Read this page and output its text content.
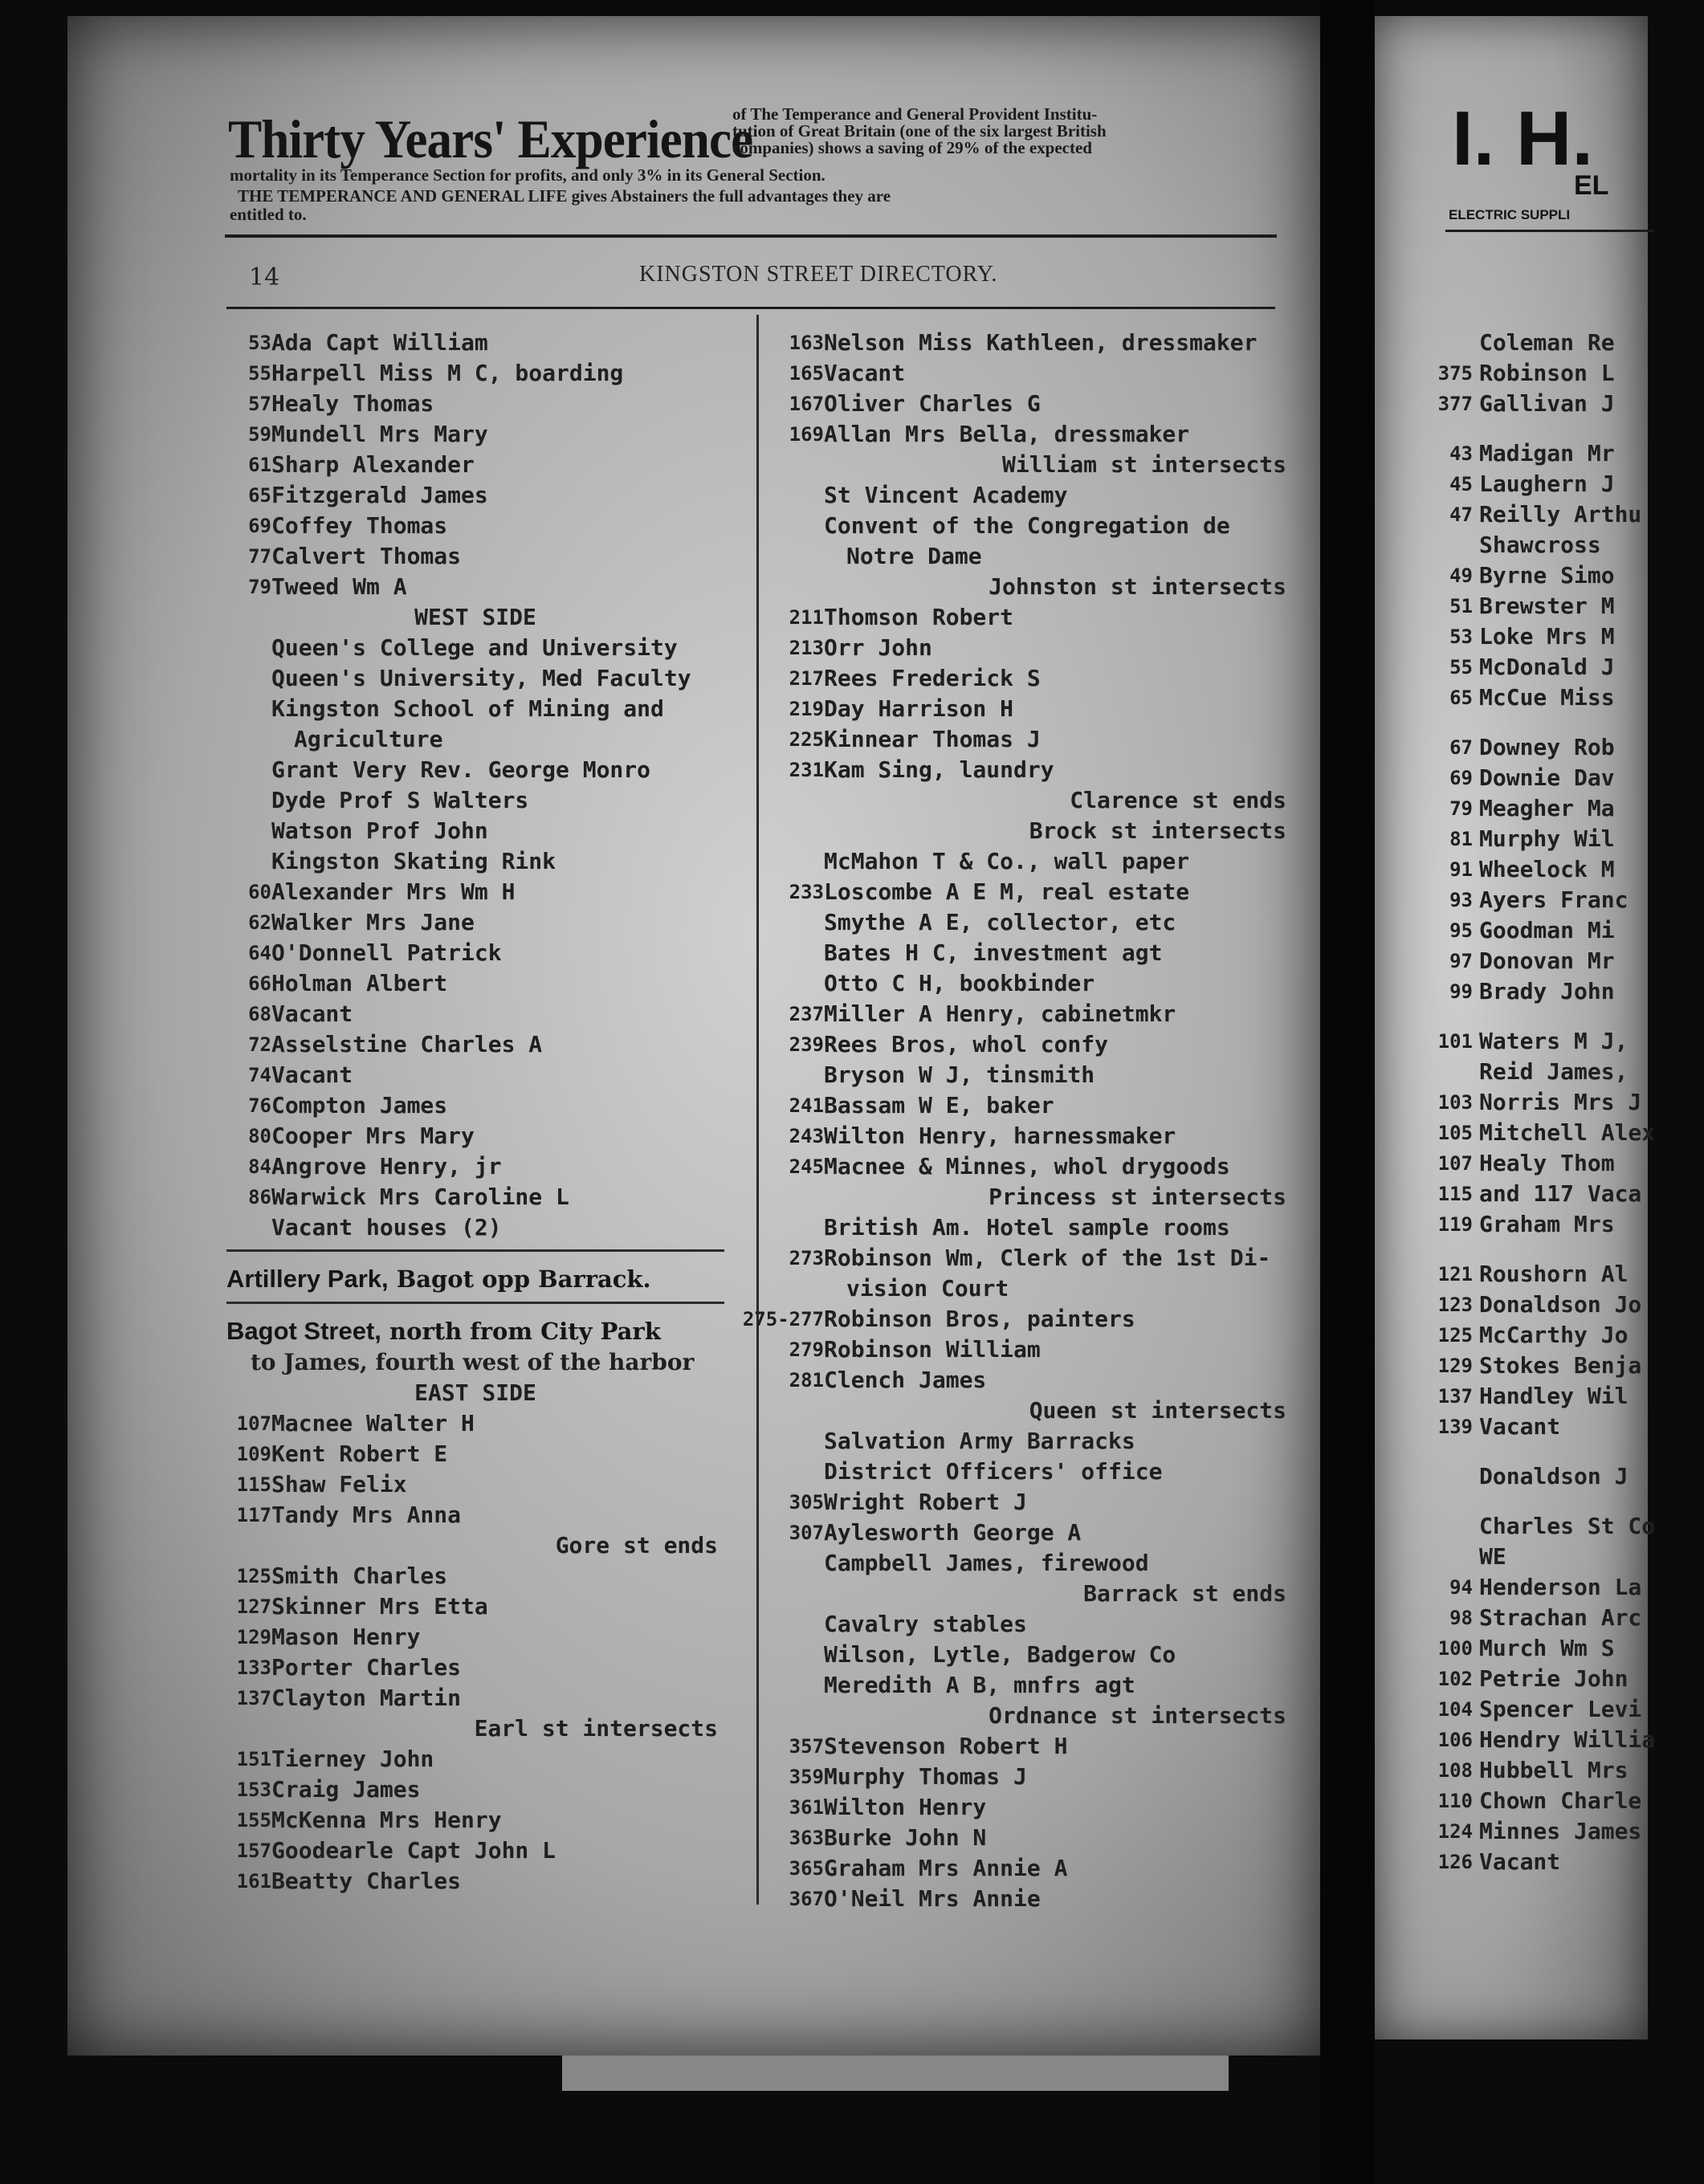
Thirty Years' Experience
of The Temperance and General Provident Institu-
tution of Great Britain (one of the six largest British
companies) shows a saving of 29% of the expected
mortality in its Temperance Section for profits, and only 3% in its General Section.
THE TEMPERANCE AND GENERAL LIFE gives Abstainers the full advantages they are
entitled to.
14	KINGSTON STREET DIRECTORY.
53 Ada Capt William
55 Harpell Miss M C, boarding
57 Healy Thomas
59 Mundell Mrs Mary
61 Sharp Alexander
65 Fitzgerald James
69 Coffey Thomas
77 Calvert Thomas
79 Tweed Wm A
WEST SIDE
Queen's College and University
Queen's University, Med Faculty
Kingston School of Mining and
Agriculture
Grant Very Rev. George Monro
Dyde Prof S Walters
Watson Prof John
Kingston Skating Rink
60 Alexander Mrs Wm H
62 Walker Mrs Jane
64 O'Donnell Patrick
66 Holman Albert
68 Vacant
72 Asselstine Charles A
74 Vacant
76 Compton James
80 Cooper Mrs Mary
84 Angrove Henry, jr
86 Warwick Mrs Caroline L
Vacant houses (2)
Artillery Park, Bagot opp Barrack.
Bagot Street, north from City Park
to James, fourth west of the harbor
EAST SIDE
107 Macnee Walter H
109 Kent Robert E
115 Shaw Felix
117 Tandy Mrs Anna
Gore st ends
125 Smith Charles
127 Skinner Mrs Etta
129 Mason Henry
133 Porter Charles
137 Clayton Martin
Earl st intersects
151 Tierney John
153 Craig James
155 McKenna Mrs Henry
157 Goodearle Capt John L
161 Beatty Charles
163 Nelson Miss Kathleen, dressmaker
165 Vacant
167 Oliver Charles G
169 Allan Mrs Bella, dressmaker
William st intersects
St Vincent Academy
Convent of the Congregation de
Notre Dame
Johnston st intersects
211 Thomson Robert
213 Orr John
217 Rees Frederick S
219 Day Harrison H
225 Kinnear Thomas J
231 Kam Sing, laundry
Clarence st ends
Brock st intersects
McMahon T & Co., wall paper
233 Loscombe A E M, real estate
Smythe A E, collector, etc
Bates H C, investment agt
Otto C H, bookbinder
237 Miller A Henry, cabinetmkr
239 Rees Bros, whol confy
Bryson W J, tinsmith
241 Bassam W E, baker
243 Wilton Henry, harnessmaker
245 Macnee & Minnes, whol drygoods
Princess st intersects
British Am. Hotel sample rooms
273 Robinson Wm, Clerk of the 1st Di-
vision Court
275-277 Robinson Bros, painters
279 Robinson William
281 Clench James
Queen st intersects
Salvation Army Barracks
District Officers' office
305 Wright Robert J
307 Aylesworth George A
Campbell James, firewood
Barrack st ends
Cavalry stables
Wilson, Lytle, Badgerow Co
Meredith A B, mnfrs agt
Ordnance st intersects
357 Stevenson Robert H
359 Murphy Thomas J
361 Wilton Henry
363 Burke John N
365 Graham Mrs Annie A
367 O'Neil Mrs Annie
I. H.
EL
ELECTRIC SUPPLI
Coleman Re
375 Robinson L
377 Gallivan J
43 Madigan Mr
45 Laughern J
47 Reilly Arthu
Shawcross
49 Byrne Simo
51 Brewster M
53 Loke Mrs M
55 McDonald J
65 McCue Miss
67 Downey Rob
69 Downie Dav
79 Meagher Ma
81 Murphy Wil
91 Wheelock M
93 Ayers Franc
95 Goodman Mi
97 Donovan Mr
99 Brady John
101 Waters M J,
Reid James,
103 Norris Mrs J
105 Mitchell Alex
107 Healy Thom
115 and 117 Vaca
119 Graham Mrs
121 Roushorn Al
123 Donaldson Jo
125 McCarthy Jo
129 Stokes Benja
137 Handley Wil
139 Vacant
Donaldson J
Charles St Co
WE
94 Henderson La
98 Strachan Arc
100 Murch Wm S
102 Petrie John
104 Spencer Levi
106 Hendry Willia
108 Hubbell Mrs
110 Chown Charle
124 Minnes James
126 Vacant
